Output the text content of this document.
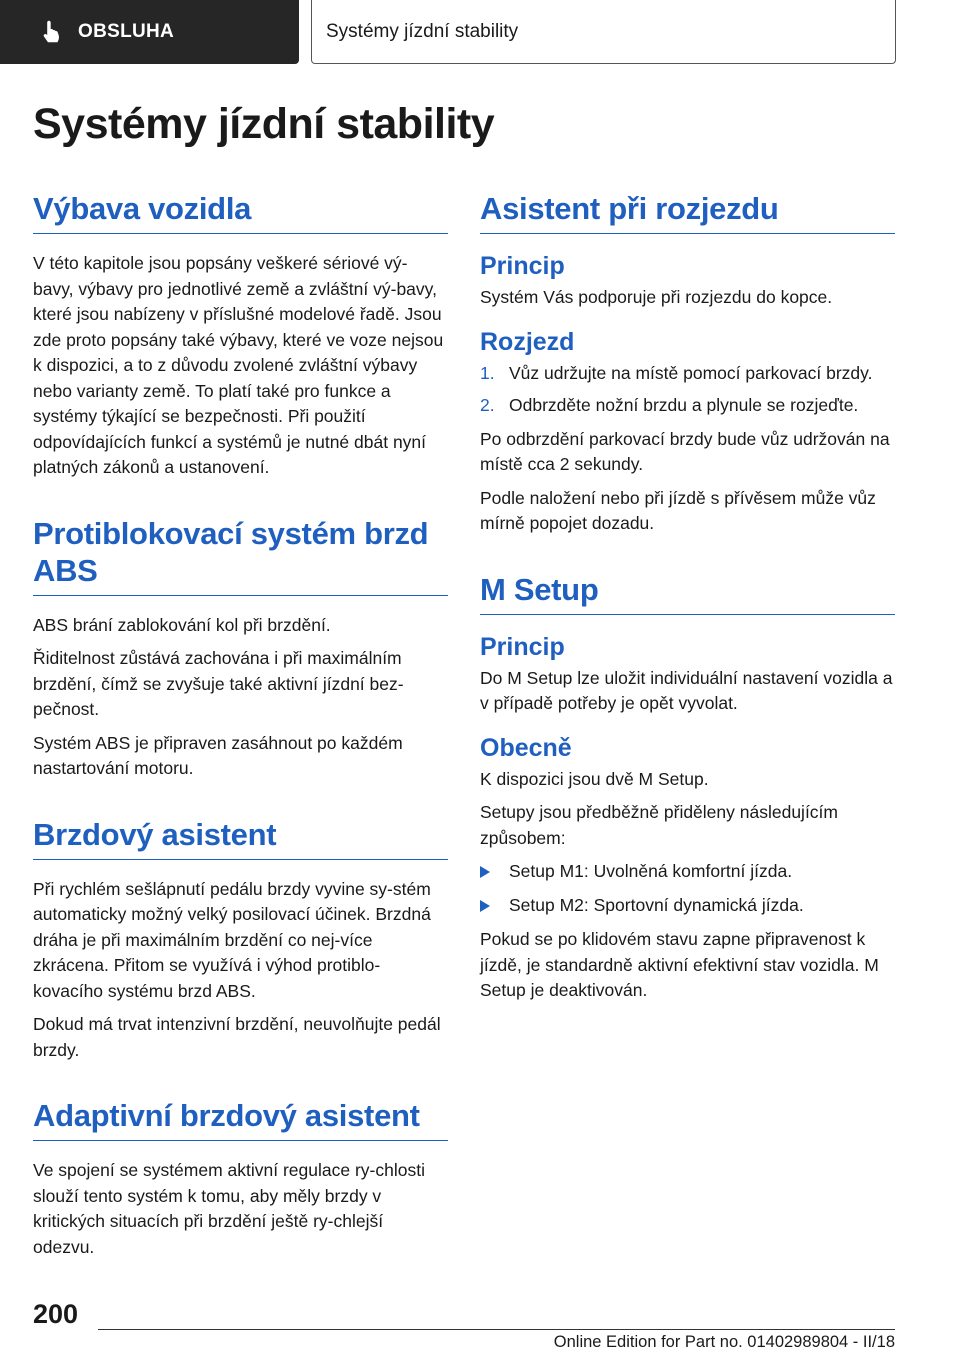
OBSLUHA	Systémy jízdní stability
Systémy jízdní stability
Výbava vozidla

V této kapitole jsou popsány veškeré sériové vý-bavy, výbavy pro jednotlivé země a zvláštní vý-bavy, které jsou nabízeny v příslušné modelové řadě. Jsou zde proto popsány také výbavy, které ve voze nejsou k dispozici, a to z důvodu zvolené zvláštní výbavy nebo varianty země. To platí také pro funkce a systémy týkající se bezpečnosti. Při použití odpovídajících funkcí a systémů je nutné dbát nyní platných zákonů a ustanovení.

Protiblokovací systém brzd ABS

ABS brání zablokování kol při brzdění.

Řiditelnost zůstává zachována i při maximálním brzdění, čímž se zvyšuje také aktivní jízdní bez-pečnost.

Systém ABS je připraven zasáhnout po každém nastartování motoru.

Brzdový asistent

Při rychlém sešlápnutí pedálu brzdy vyvine sy-stém automaticky možný velký posilovací účinek. Brzdná dráha je při maximálním brzdění co nej-více zkrácena. Přitom se využívá i výhod protiblo-kovacího systému brzd ABS.

Dokud má trvat intenzivní brzdění, neuvolňujte pedál brzdy.

Adaptivní brzdový asistent

Ve spojení se systémem aktivní regulace ry-chlosti slouží tento systém k tomu, aby měly brzdy v kritických situacích při brzdění ještě ry-chlejší odezvu.

Asistent při rozjezdu
Princip

Systém Vás podporuje při rozjezdu do kopce.

Rozjezd
1. Vůz udržujte na místě pomocí parkovací brzdy.
2. Odbrzděte nožní brzdu a plynule se rozjeďte.

Po odbrzdění parkovací brzdy bude vůz udržován na místě cca 2 sekundy.

Podle naložení nebo při jízdě s přívěsem může vůz mírně popojet dozadu.

M Setup
Princip

Do M Setup lze uložit individuální nastavení vozidla a v případě potřeby je opět vyvolat.

Obecně

K dispozici jsou dvě M Setup.

Setupy jsou předběžně přiděleny následujícím způsobem:

Setup M1: Uvolněná komfortní jízda.
Setup M2: Sportovní dynamická jízda.

Pokud se po klidovém stavu zapne připravenost k jízdě, je standardně aktivní efektivní stav vozidla. M Setup je deaktivován.

200
Online Edition for Part no. 01402989804 - II/18
